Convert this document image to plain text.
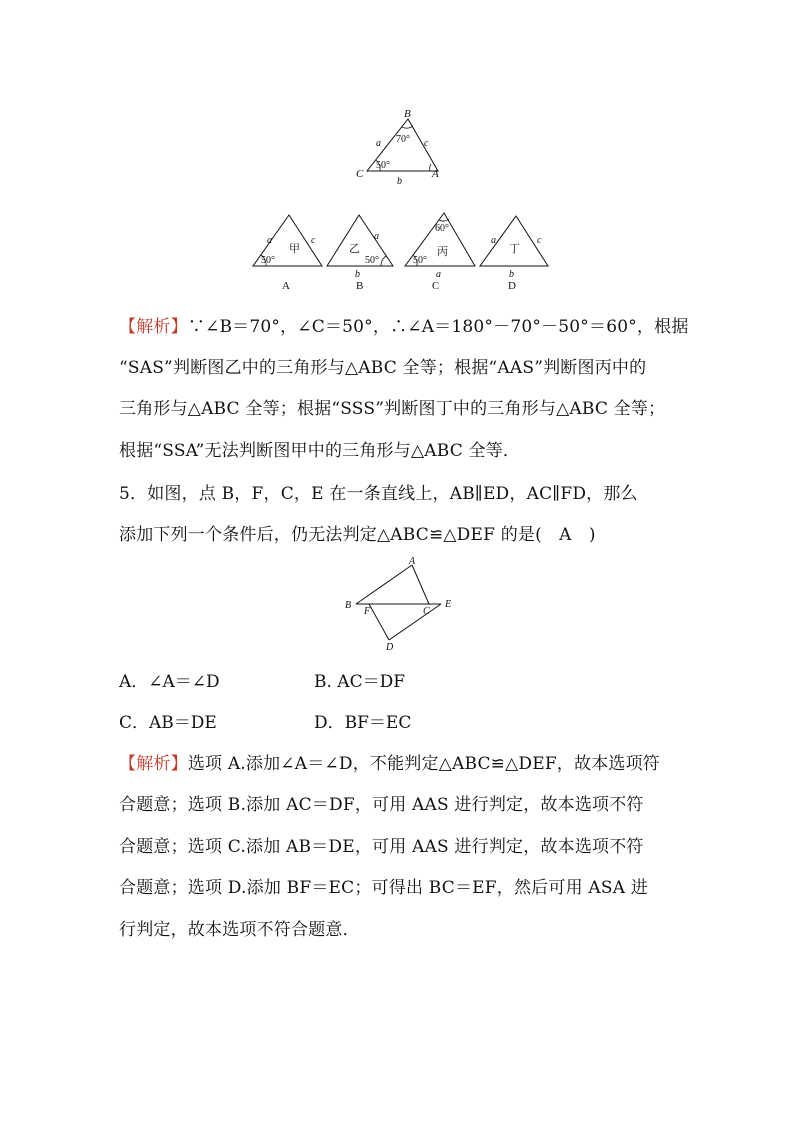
B
C	A
a	c
b
70°
50°
a	c
甲
50°
A
乙
a
50°
b
B
60°
丙
50°
a
C
a	c
丁
b
D
【解析】∵∠B＝70°，∠C＝50°，∴∠A＝180°－70°－50°＝60°，根据
“SAS”判断图乙中的三角形与△ABC 全等；根据“AAS”判断图丙中的
三角形与△ABC 全等；根据“SSS”判断图丁中的三角形与△ABC 全等；
根据“SSA”无法判断图甲中的三角形与△ABC 全等．
5．如图，点 B，F，C，E 在一条直线上，AB∥ED，AC∥FD，那么
添加下列一个条件后，仍无法判定△ABC≌△DEF 的是(　A　)
A
B
F	C
E
D
A．∠A＝∠D	B. AC＝DF
C．AB＝DE	D．BF＝EC
【解析】选项 A.添加∠A＝∠D，不能判定△ABC≌△DEF，故本选项符
合题意；选项 B.添加 AC＝DF，可用 AAS 进行判定，故本选项不符
合题意；选项 C.添加 AB＝DE，可用 AAS 进行判定，故本选项不符
合题意；选项 D.添加 BF＝EC；可得出 BC＝EF，然后可用 ASA 进
行判定，故本选项不符合题意．
